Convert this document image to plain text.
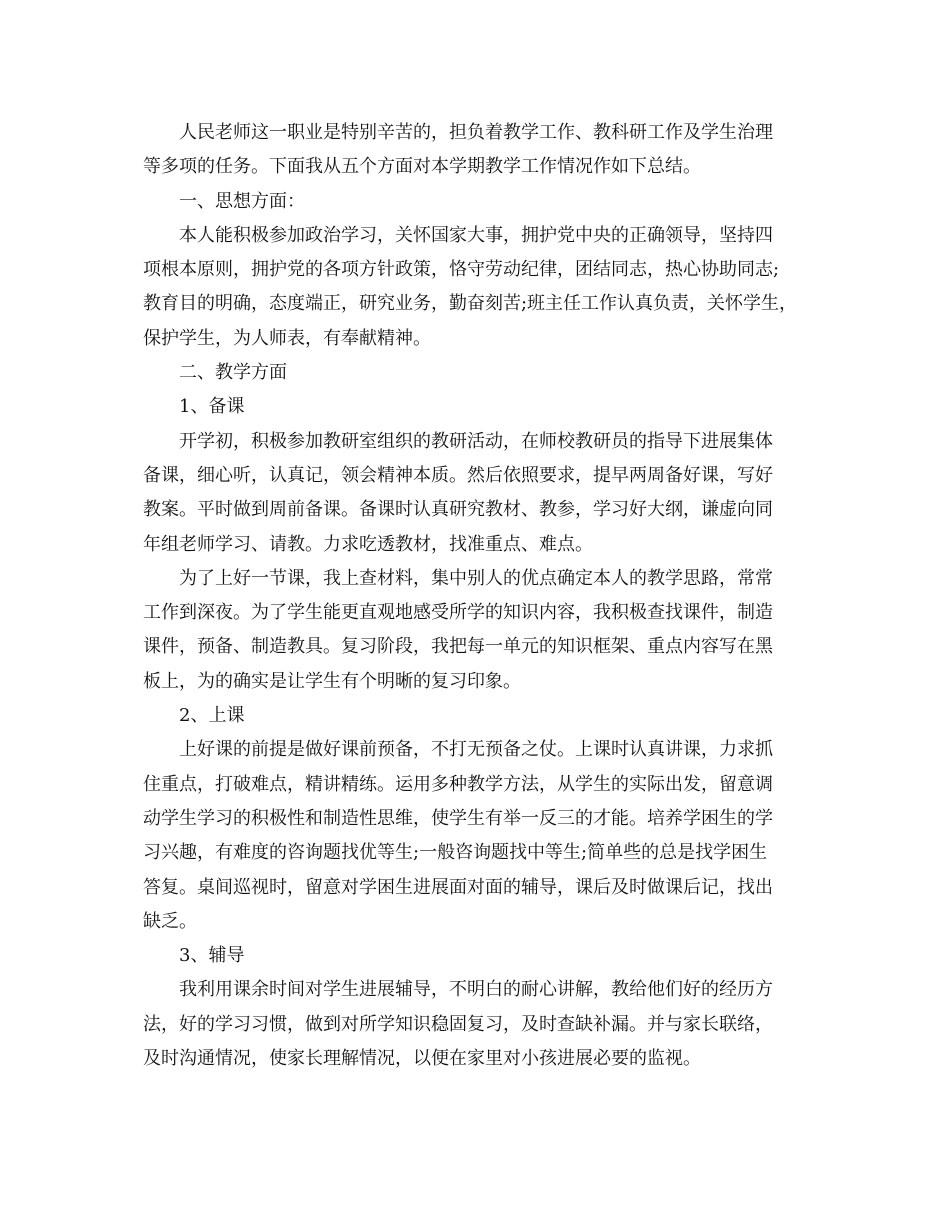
人民老师这一职业是特别辛苦的，担负着教学工作、教科研工作及学生治理
等多项的任务。下面我从五个方面对本学期教学工作情况作如下总结。
一、思想方面：
本人能积极参加政治学习，关怀国家大事，拥护党中央的正确领导，坚持四
项根本原则，拥护党的各项方针政策，恪守劳动纪律，团结同志，热心协助同志;
教育目的明确，态度端正，研究业务，勤奋刻苦;班主任工作认真负责，关怀学生，
保护学生，为人师表，有奉献精神。
二、教学方面
1、备课
开学初，积极参加教研室组织的教研活动，在师校教研员的指导下进展集体
备课，细心听，认真记，领会精神本质。然后依照要求，提早两周备好课，写好
教案。平时做到周前备课。备课时认真研究教材、教参，学习好大纲，谦虚向同
年组老师学习、请教。力求吃透教材，找准重点、难点。
为了上好一节课，我上查材料，集中别人的优点确定本人的教学思路，常常
工作到深夜。为了学生能更直观地感受所学的知识内容，我积极查找课件，制造
课件，预备、制造教具。复习阶段，我把每一单元的知识框架、重点内容写在黑
板上，为的确实是让学生有个明晰的复习印象。
2、上课
上好课的前提是做好课前预备，不打无预备之仗。上课时认真讲课，力求抓
住重点，打破难点，精讲精练。运用多种教学方法，从学生的实际出发，留意调
动学生学习的积极性和制造性思维，使学生有举一反三的才能。培养学困生的学
习兴趣，有难度的咨询题找优等生;一般咨询题找中等生;简单些的总是找学困生
答复。桌间巡视时，留意对学困生进展面对面的辅导，课后及时做课后记，找出
缺乏。
3、辅导
我利用课余时间对学生进展辅导，不明白的耐心讲解，教给他们好的经历方
法，好的学习习惯，做到对所学知识稳固复习，及时查缺补漏。并与家长联络，
及时沟通情况，使家长理解情况，以便在家里对小孩进展必要的监视。
